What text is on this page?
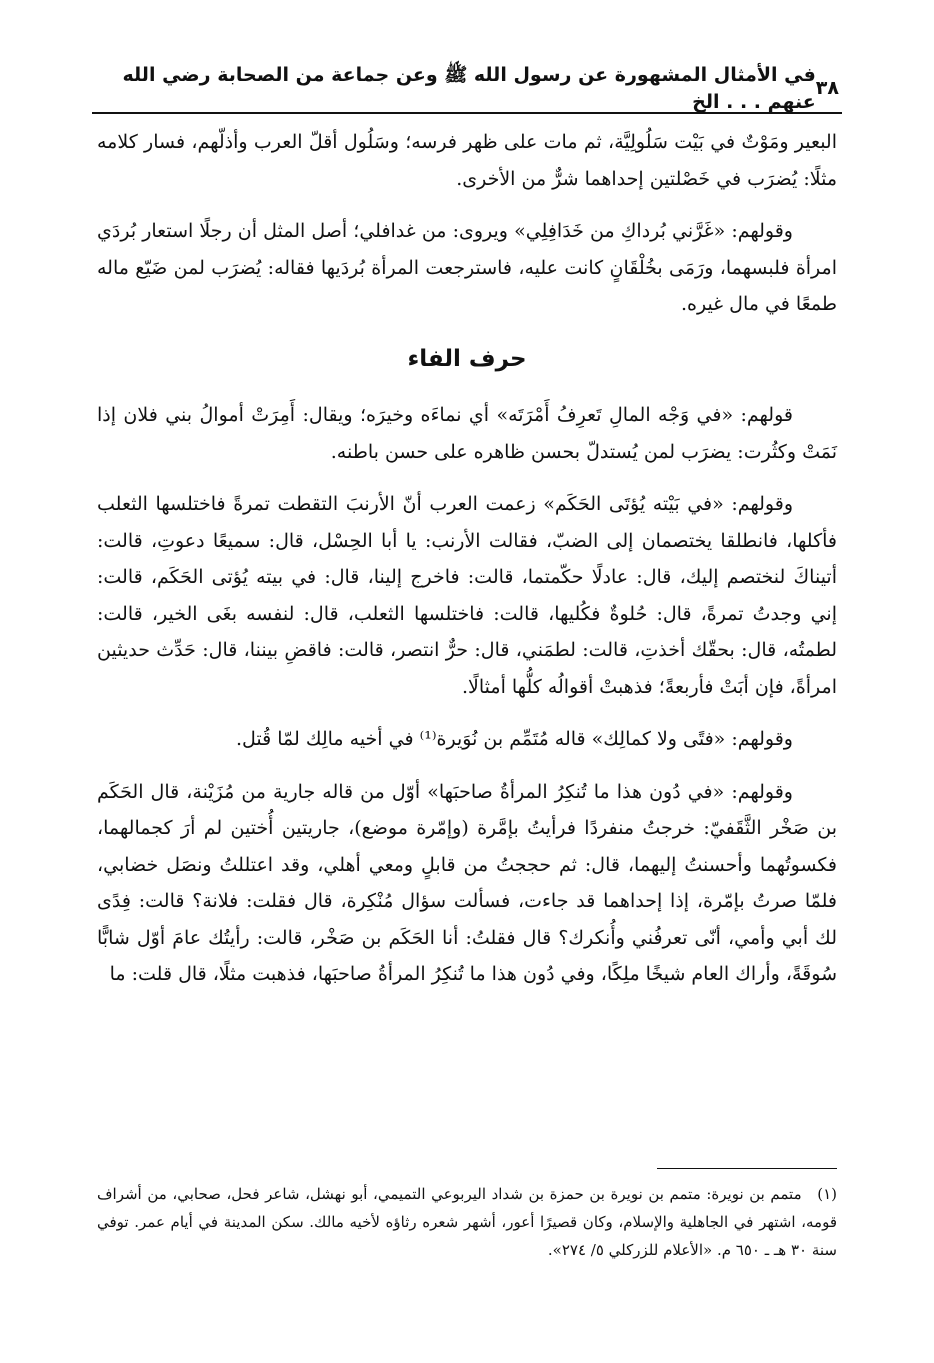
٣٨
في الأمثال المشهورة عن رسول الله ﷺ وعن جماعة من الصحابة رضي الله عنهم . . . الخ

البعير ومَوْتٌ في بَيْت سَلُولِيَّة، ثم مات على ظهر فرسه؛ وسَلُول أقلّ العرب وأذلّهم، فسار كلامه مثلًا: يُضرَب في خَصْلتين إحداهما شرٌّ من الأخرى.

وقولهم: «غَرَّني بُرداكِ من خَدَافِلِي» ويروى: من غدافلي؛ أصل المثل أن رجلًا استعار بُردَي امرأة فلبسهما، ورَمَى بخُلْقَانٍ كانت عليه، فاسترجعت المرأة بُردَيها فقاله: يُضرَب لمن ضَيّع ماله طمعًا في مال غيره.

حرف الفاء

قولهم: «في وَجْه المالِ تَعرِفُ أَمْرَتَه» أي نماءَه وخيرَه؛ ويقال: أَمِرَتْ أموالُ بني فلان إذا نَمَتْ وكثُرت: يضرَب لمن يُستدلّ بحسن ظاهره على حسن باطنه.

وقولهم: «في بَيْته يُؤتَى الحَكَم» زعمت العرب أنّ الأرنبَ التقطت تمرةً فاختلسها الثعلب فأكلها، فانطلقا يختصمان إلى الضبّ، فقالت الأرنب: يا أبا الحِسْل، قال: سميعًا دعوتِ، قالت: أتيناكَ لنختصم إليك، قال: عادلًا حكّمتما، قالت: فاخرج إلينا، قال: في بيته يُؤتى الحَكَم، قالت: إني وجدتُ تمرةً، قال: حُلوةٌ فكُليها، قالت: فاختلسها الثعلب، قال: لنفسه بغَى الخير، قالت: لطمتُه، قال: بحقّك أخذتِ، قالت: لطمَني، قال: حرٌّ انتصر، قالت: فاقضِ بيننا، قال: حَدِّث حديثين امرأةً، فإن أبَتْ فأربعةً؛ فذهبتْ أقوالُه كلُّها أمثالًا.

وقولهم: «فتًى ولا كمالِك» قاله مُتَمِّم بن نُوَيرة⁽¹⁾ في أخيه مالِك لمّا قُتل.

وقولهم: «في دُون هذا ما تُنكِرُ المرأةُ صاحبَها» أوّل من قاله جارية من مُزَيْنة، قال الحَكَم بن صَخْر الثَّقَفيّ: خرجتُ منفردًا فرأيتُ بإمَّرة (وإمّرة موضع)، جاريتين أُختين لم أرَ كجمالهما، فكسوتُهما وأحسنتُ إليهما، قال: ثم حججتُ من قابلٍ ومعي أهلي، وقد اعتللتُ ونصَل خضابي، فلمّا صرتُ بإمّرة، إذا إحداهما قد جاءت، فسألت سؤال مُنْكِرة، قال فقلت: فلانة؟ قالت: فِدًى لك أبي وأمي، أنّى تعرفُني وأُنكرك؟ قال فقلتُ: أنا الحَكَم بن صَخْر، قالت: رأيتُك عامَ أوّل شابًّا سُوقَةً، وأراك العام شيخًا ملِكًا، وفي دُون هذا ما تُنكِرُ المرأةُ صاحبَها، فذهبت مثلًا، قال قلت: ما

(١) متمم بن نويرة: متمم بن نويرة بن حمزة بن شداد اليربوعي التميمي، أبو نهشل، شاعر فحل، صحابي، من أشراف قومه، اشتهر في الجاهلية والإسلام، وكان قصيرًا أعور، أشهر شعره رثاؤه لأخيه مالك. سكن المدينة في أيام عمر. توفي سنة ٣٠ هـ ـ ٦٥٠ م. «الأعلام للزركلي ٥/ ٢٧٤».
